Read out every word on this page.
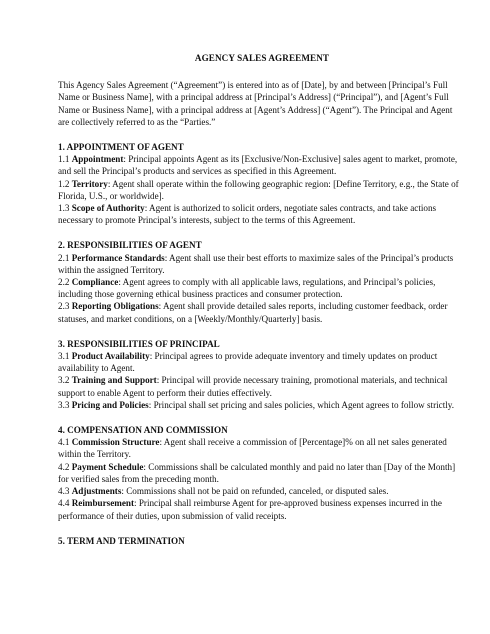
AGENCY SALES AGREEMENT
This Agency Sales Agreement (“Agreement”) is entered into as of [Date], by and between [Principal’s Full Name or Business Name], with a principal address at [Principal’s Address] (“Principal”), and [Agent’s Full Name or Business Name], with a principal address at [Agent’s Address] (“Agent”). The Principal and Agent are collectively referred to as the “Parties.”
1. APPOINTMENT OF AGENT
1.1 Appointment: Principal appoints Agent as its [Exclusive/Non-Exclusive] sales agent to market, promote, and sell the Principal’s products and services as specified in this Agreement.
1.2 Territory: Agent shall operate within the following geographic region: [Define Territory, e.g., the State of Florida, U.S., or worldwide].
1.3 Scope of Authority: Agent is authorized to solicit orders, negotiate sales contracts, and take actions necessary to promote Principal’s interests, subject to the terms of this Agreement.
2. RESPONSIBILITIES OF AGENT
2.1 Performance Standards: Agent shall use their best efforts to maximize sales of the Principal’s products within the assigned Territory.
2.2 Compliance: Agent agrees to comply with all applicable laws, regulations, and Principal’s policies, including those governing ethical business practices and consumer protection.
2.3 Reporting Obligations: Agent shall provide detailed sales reports, including customer feedback, order statuses, and market conditions, on a [Weekly/Monthly/Quarterly] basis.
3. RESPONSIBILITIES OF PRINCIPAL
3.1 Product Availability: Principal agrees to provide adequate inventory and timely updates on product availability to Agent.
3.2 Training and Support: Principal will provide necessary training, promotional materials, and technical support to enable Agent to perform their duties effectively.
3.3 Pricing and Policies: Principal shall set pricing and sales policies, which Agent agrees to follow strictly.
4. COMPENSATION AND COMMISSION
4.1 Commission Structure: Agent shall receive a commission of [Percentage]% on all net sales generated within the Territory.
4.2 Payment Schedule: Commissions shall be calculated monthly and paid no later than [Day of the Month] for verified sales from the preceding month.
4.3 Adjustments: Commissions shall not be paid on refunded, canceled, or disputed sales.
4.4 Reimbursement: Principal shall reimburse Agent for pre-approved business expenses incurred in the performance of their duties, upon submission of valid receipts.
5. TERM AND TERMINATION
